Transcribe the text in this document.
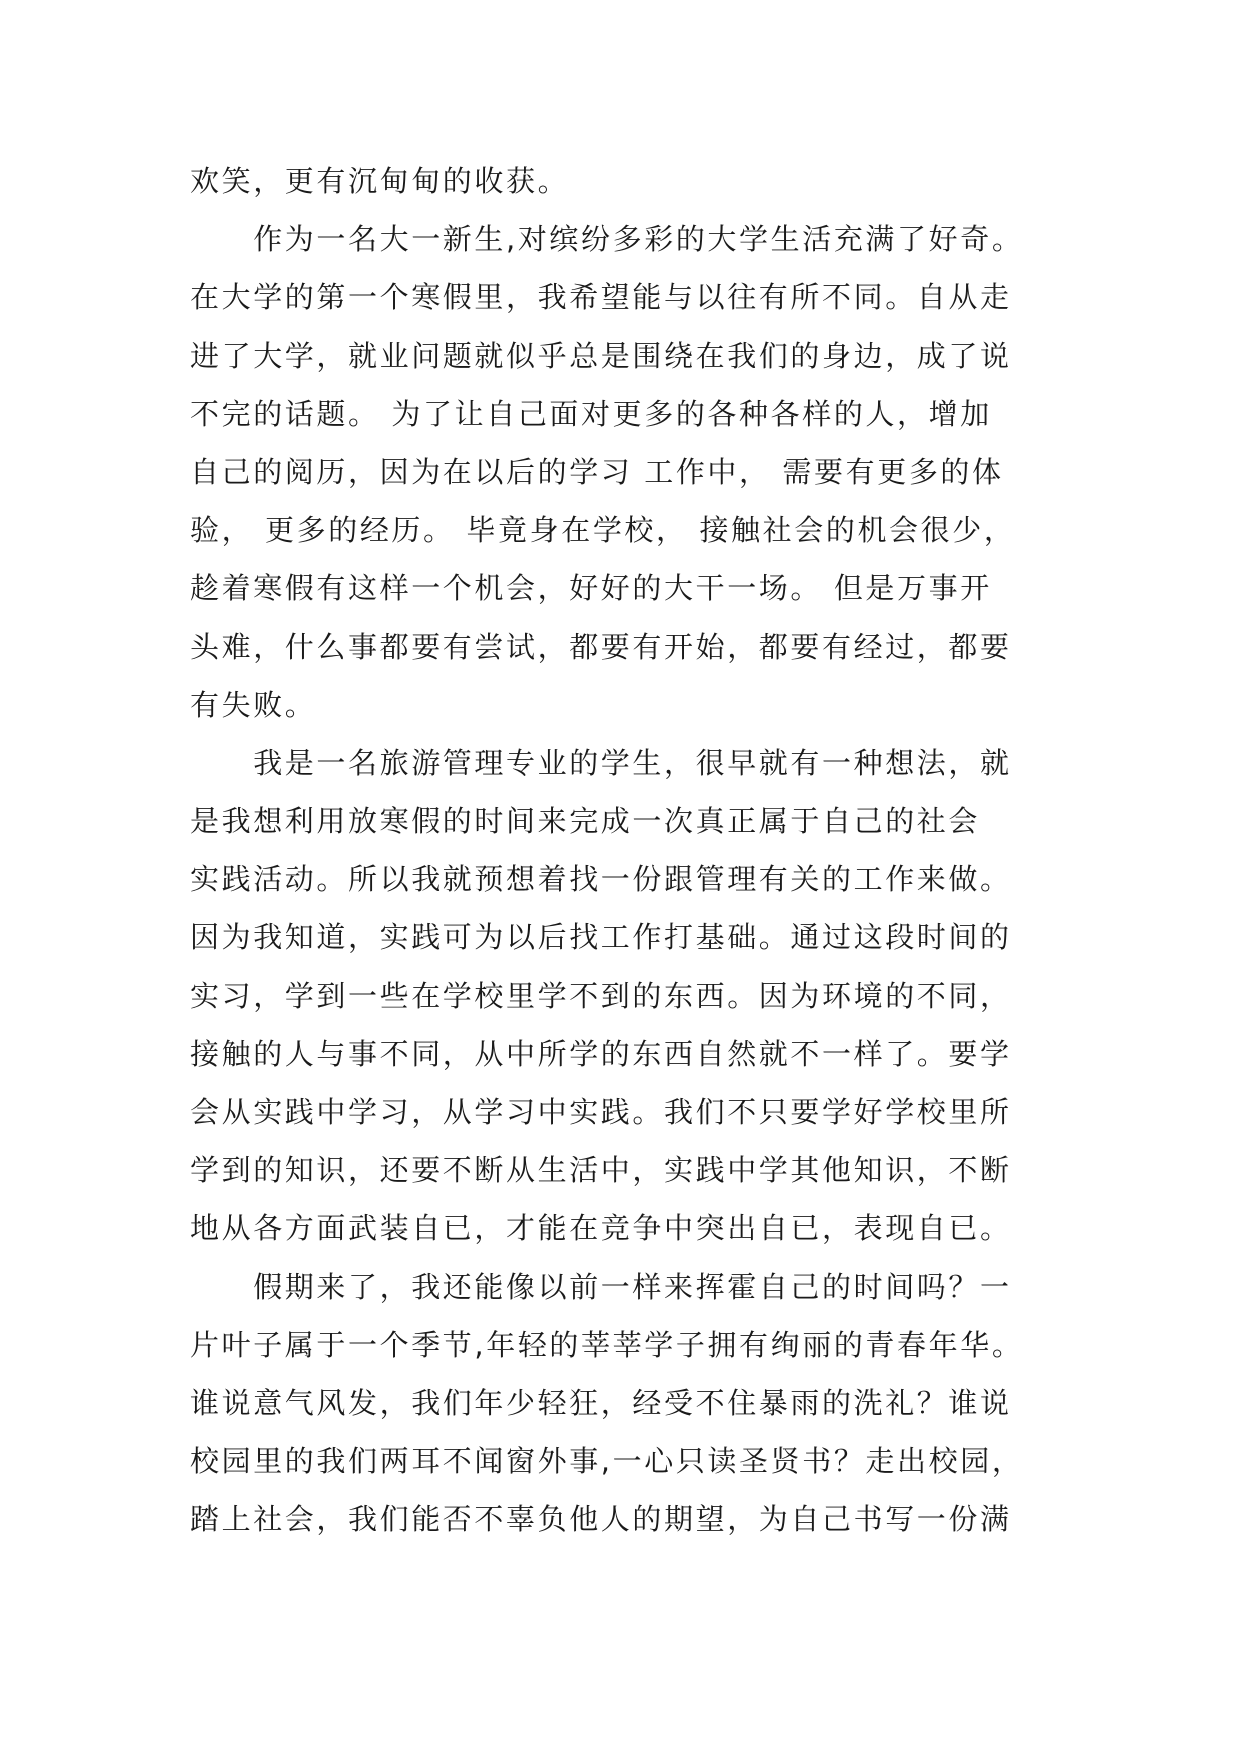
欢笑，更有沉甸甸的收获。
　　作为一名大一新生,对缤纷多彩的大学生活充满了好奇。
在大学的第一个寒假里，我希望能与以往有所不同。自从走
进了大学，就业问题就似乎总是围绕在我们的身边，成了说
不完的话题。 为了让自己面对更多的各种各样的人，增加
自己的阅历，因为在以后的学习 工作中， 需要有更多的体
验， 更多的经历。 毕竟身在学校， 接触社会的机会很少，
趁着寒假有这样一个机会，好好的大干一场。 但是万事开
头难，什么事都要有尝试，都要有开始，都要有经过，都要
有失败。
　　我是一名旅游管理专业的学生，很早就有一种想法，就
是我想利用放寒假的时间来完成一次真正属于自己的社会
实践活动。所以我就预想着找一份跟管理有关的工作来做。
因为我知道，实践可为以后找工作打基础。通过这段时间的
实习，学到一些在学校里学不到的东西。因为环境的不同，
接触的人与事不同，从中所学的东西自然就不一样了。要学
会从实践中学习，从学习中实践。我们不只要学好学校里所
学到的知识，还要不断从生活中，实践中学其他知识，不断
地从各方面武装自已，才能在竞争中突出自已，表现自已。
　　假期来了，我还能像以前一样来挥霍自己的时间吗？一
片叶子属于一个季节,年轻的莘莘学子拥有绚丽的青春年华。
谁说意气风发，我们年少轻狂，经受不住暴雨的洗礼？谁说
校园里的我们两耳不闻窗外事,一心只读圣贤书？走出校园，
踏上社会，我们能否不辜负他人的期望，为自己书写一份满
